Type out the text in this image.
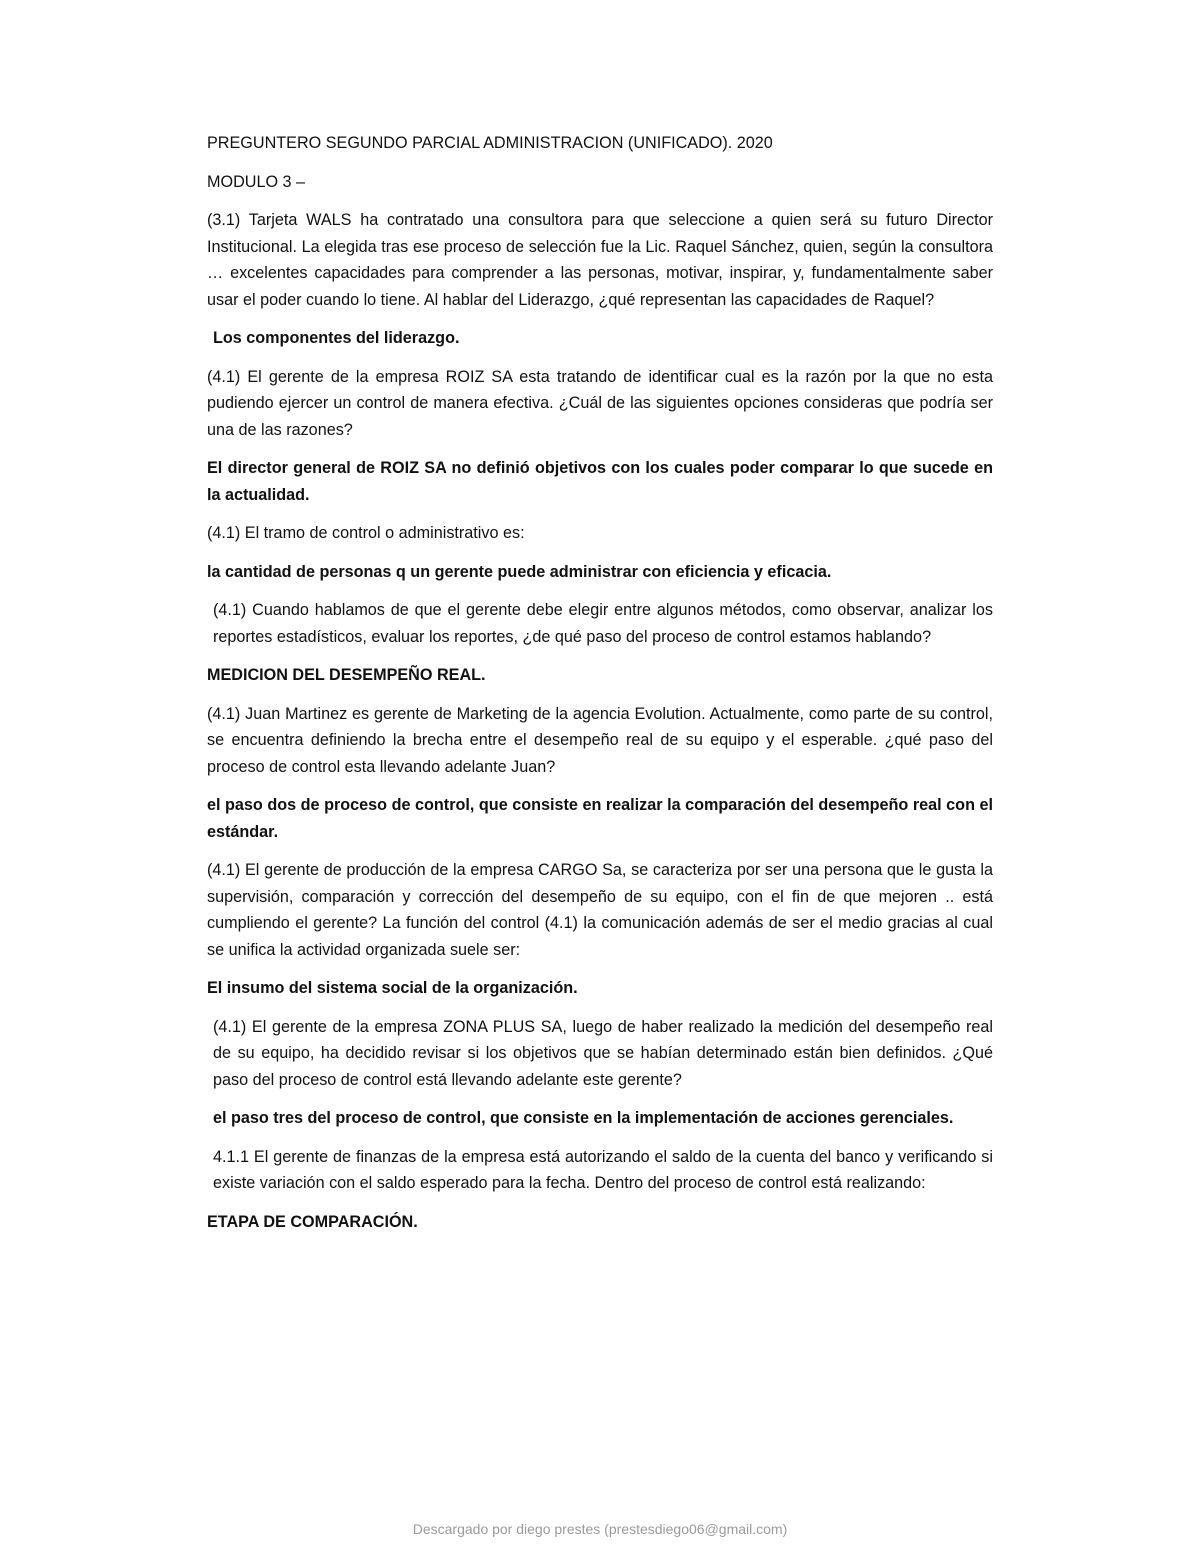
PREGUNTERO SEGUNDO PARCIAL ADMINISTRACION (UNIFICADO). 2020

MODULO 3 –

(3.1) Tarjeta WALS ha contratado una consultora para que seleccione a quien será su futuro Director Institucional. La elegida tras ese proceso de selección fue la Lic. Raquel Sánchez, quien, según la consultora … excelentes capacidades para comprender a las personas, motivar, inspirar, y, fundamentalmente saber usar el poder cuando lo tiene. Al hablar del Liderazgo, ¿qué representan las capacidades de Raquel?

Los componentes del liderazgo.

(4.1) El gerente de la empresa ROIZ SA esta tratando de identificar cual es la razón por la que no esta pudiendo ejercer un control de manera efectiva. ¿Cuál de las siguientes opciones consideras que podría ser una de las razones?

El director general de ROIZ SA no definió objetivos con los cuales poder comparar lo que sucede en la actualidad.

(4.1) El tramo de control o administrativo es:

la cantidad de personas q un gerente puede administrar con eficiencia y eficacia.

(4.1) Cuando hablamos de que el gerente debe elegir entre algunos métodos, como observar, analizar los reportes estadísticos, evaluar los reportes, ¿de qué paso del proceso de control estamos hablando?

MEDICION DEL DESEMPEÑO REAL.

(4.1) Juan Martinez es gerente de Marketing de la agencia Evolution. Actualmente, como parte de su control, se encuentra definiendo la brecha entre el desempeño real de su equipo y el esperable. ¿qué paso del proceso de control esta llevando adelante Juan?

el paso dos de proceso de control, que consiste en realizar la comparación del desempeño real con el estándar.

(4.1) El gerente de producción de la empresa CARGO Sa, se caracteriza por ser una persona que le gusta la supervisión, comparación y corrección del desempeño de su equipo, con el fin de que mejoren .. está cumpliendo el gerente? La función del control (4.1) la comunicación además de ser el medio gracias al cual se unifica la actividad organizada suele ser:

El insumo del sistema social de la organización.

(4.1) El gerente de la empresa ZONA PLUS SA, luego de haber realizado la medición del desempeño real de su equipo, ha decidido revisar si los objetivos que se habían determinado están bien definidos. ¿Qué paso del proceso de control está llevando adelante este gerente?

el paso tres del proceso de control, que consiste en la implementación de acciones gerenciales.

4.1.1 El gerente de finanzas de la empresa está autorizando el saldo de la cuenta del banco y verificando si existe variación con el saldo esperado para la fecha. Dentro del proceso de control está realizando:

ETAPA DE COMPARACIÓN.

Descargado por diego prestes (prestesdiego06@gmail.com)
